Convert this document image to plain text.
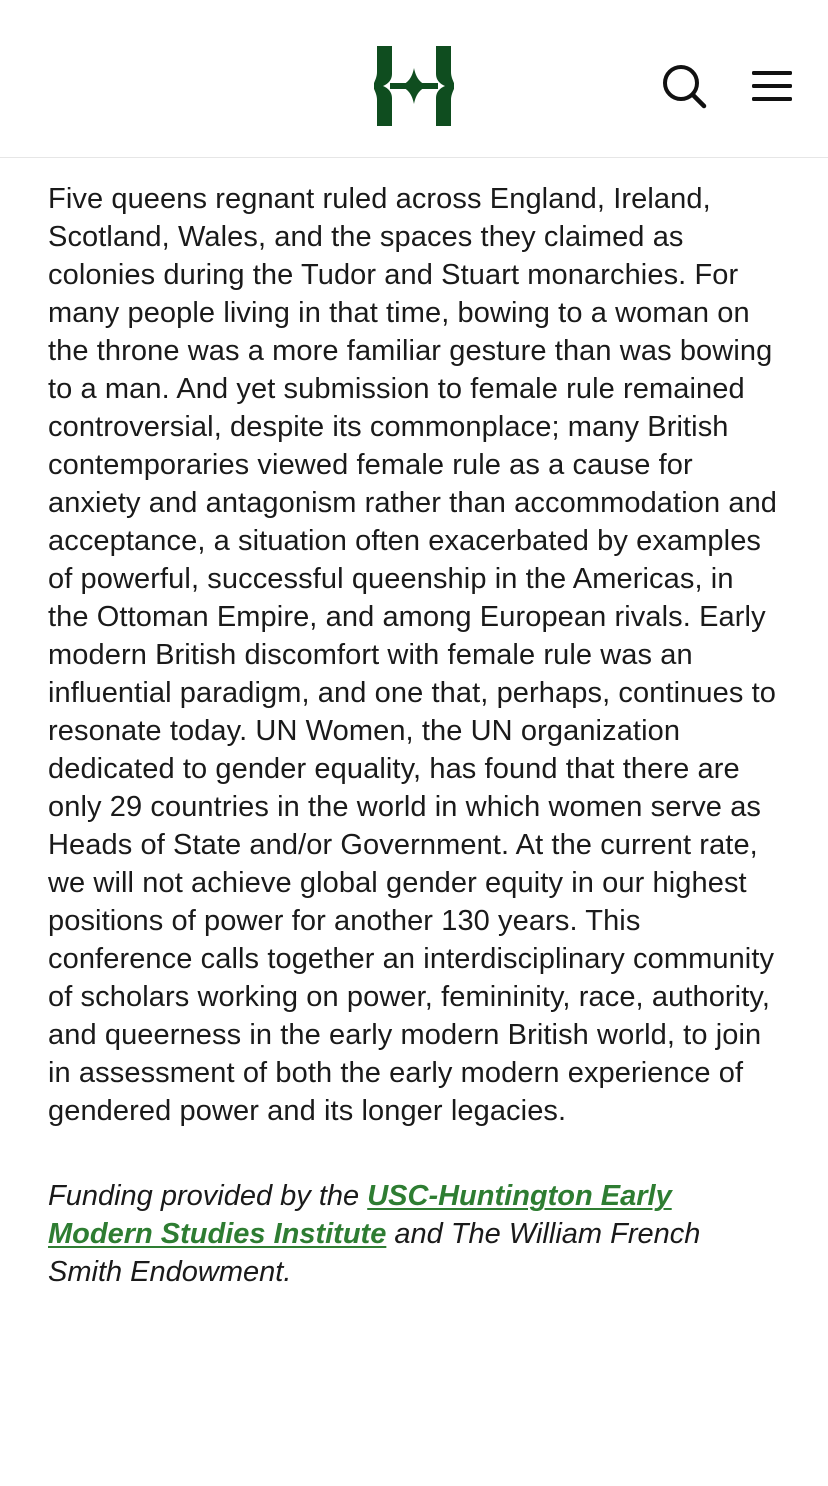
Five queens regnant ruled across England, Ireland, Scotland, Wales, and the spaces they claimed as colonies during the Tudor and Stuart monarchies. For many people living in that time, bowing to a woman on the throne was a more familiar gesture than was bowing to a man. And yet submission to female rule remained controversial, despite its commonplace; many British contemporaries viewed female rule as a cause for anxiety and antagonism rather than accommodation and acceptance, a situation often exacerbated by examples of powerful, successful queenship in the Americas, in the Ottoman Empire, and among European rivals. Early modern British discomfort with female rule was an influential paradigm, and one that, perhaps, continues to resonate today. UN Women, the UN organization dedicated to gender equality, has found that there are only 29 countries in the world in which women serve as Heads of State and/or Government. At the current rate, we will not achieve global gender equity in our highest positions of power for another 130 years. This conference calls together an interdisciplinary community of scholars working on power, femininity, race, authority, and queerness in the early modern British world, to join in assessment of both the early modern experience of gendered power and its longer legacies.

Funding provided by the USC-Huntington Early Modern Studies Institute and The William French Smith Endowment.
